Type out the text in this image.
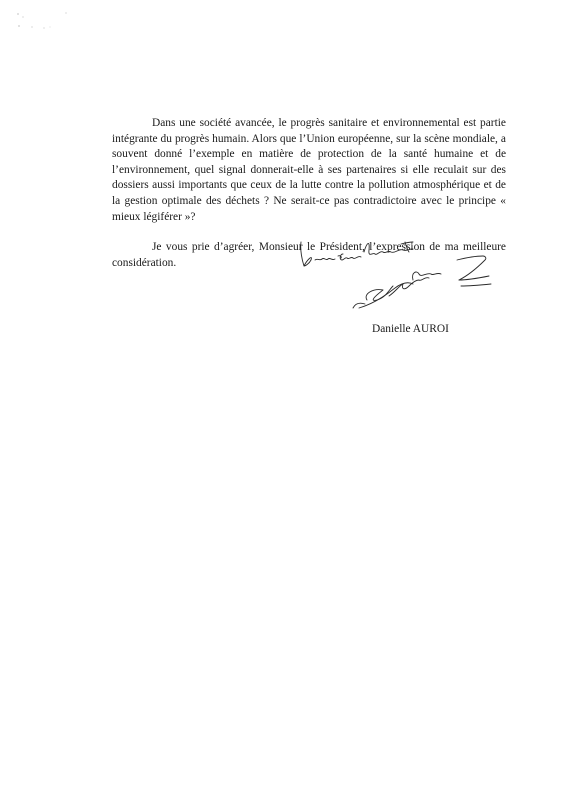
Dans une société avancée, le progrès sanitaire et environnemental est partie intégrante du progrès humain. Alors que l’Union européenne, sur la scène mondiale, a souvent donné l’exemple en matière de protection de la santé humaine et de l’environnement, quel signal donnerait-elle à ses partenaires si elle reculait sur des dossiers aussi importants que ceux de la lutte contre la pollution atmosphérique et de la gestion optimale des déchets ? Ne serait-ce pas contradictoire avec le principe « mieux légiférer »?

Je vous prie d’agréer, Monsieur le Président, l’expression de ma meilleure considération.

Danielle AUROI
